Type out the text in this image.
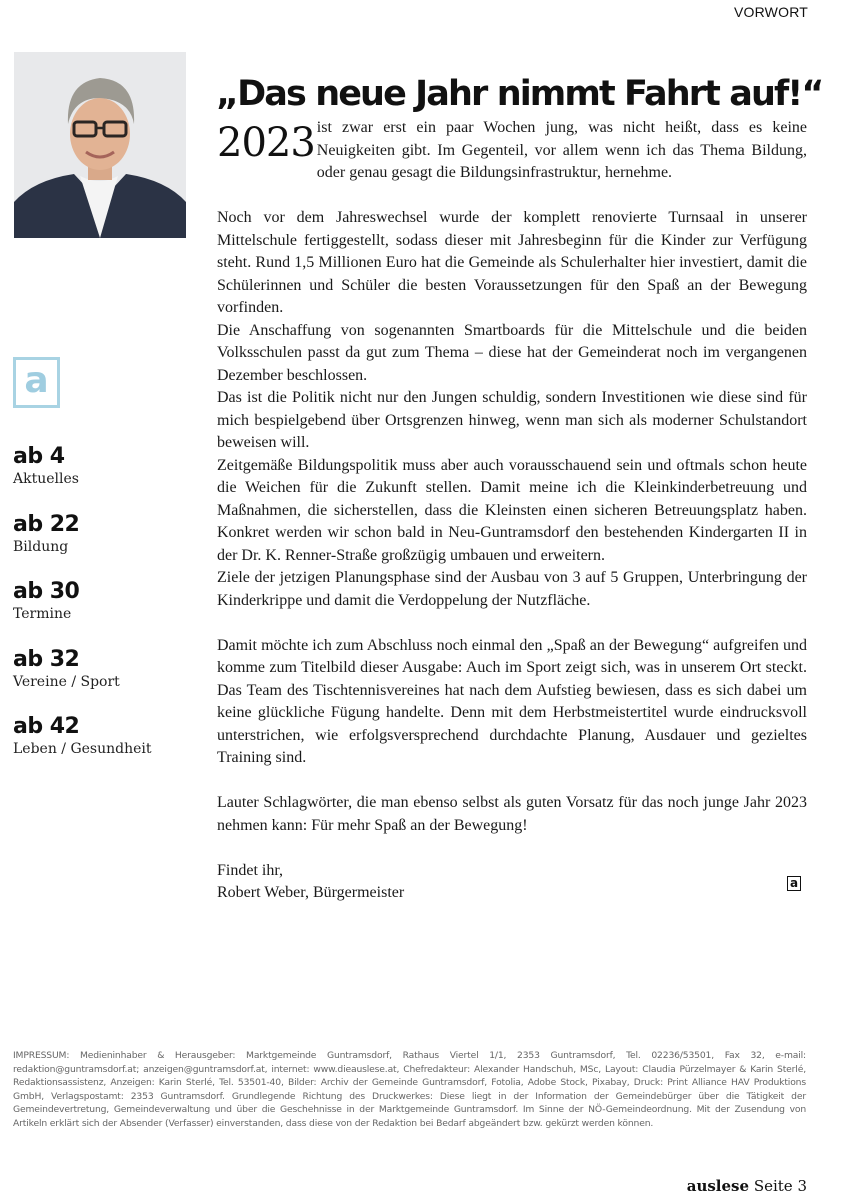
VORWORT
a
ab 4
Aktuelles
ab 22
Bildung
ab 30
Termine
ab 32
Vereine / Sport
ab 42
Leben / Gesundheit
„Das neue Jahr nimmt Fahrt auf!“

2023 ist zwar erst ein paar Wochen jung, was nicht heißt, dass es keine Neuigkeiten gibt. Im Gegenteil, vor allem wenn ich das Thema Bildung, oder genau gesagt die Bildungsinfrastruktur, hernehme.

Noch vor dem Jahreswechsel wurde der komplett renovierte Turnsaal in unserer Mittelschule fertiggestellt, sodass dieser mit Jahresbeginn für die Kinder zur Verfügung steht. Rund 1,5 Millionen Euro hat die Gemeinde als Schulerhalter hier investiert, damit die Schülerinnen und Schüler die besten Voraussetzungen für den Spaß an der Bewegung vorfinden.

Die Anschaffung von sogenannten Smartboards für die Mittelschule und die beiden Volksschulen passt da gut zum Thema – diese hat der Gemeinderat noch im vergangenen Dezember beschlossen.

Das ist die Politik nicht nur den Jungen schuldig, sondern Investitionen wie diese sind für mich bespielgebend über Ortsgrenzen hinweg, wenn man sich als moderner Schulstandort beweisen will.

Zeitgemäße Bildungspolitik muss aber auch vorausschauend sein und oftmals schon heute die Weichen für die Zukunft stellen. Damit meine ich die Kleinkinderbetreuung und Maßnahmen, die sicherstellen, dass die Kleinsten einen sicheren Betreuungsplatz haben. Konkret werden wir schon bald in Neu-Guntramsdorf den bestehenden Kindergarten II in der Dr. K. Renner-Straße großzügig umbauen und erweitern.

Ziele der jetzigen Planungsphase sind der Ausbau von 3 auf 5 Gruppen, Unterbringung der Kinderkrippe und damit die Verdoppelung der Nutzfläche.

Damit möchte ich zum Abschluss noch einmal den „Spaß an der Bewegung“ aufgreifen und komme zum Titelbild dieser Ausgabe: Auch im Sport zeigt sich, was in unserem Ort steckt. Das Team des Tischtennisvereines hat nach dem Aufstieg bewiesen, dass es sich dabei um keine glückliche Fügung handelte. Denn mit dem Herbstmeistertitel wurde eindrucksvoll unterstrichen, wie erfolgsversprechend durchdachte Planung, Ausdauer und gezieltes Training sind.

Lauter Schlagwörter, die man ebenso selbst als guten Vorsatz für das noch junge Jahr 2023 nehmen kann: Für mehr Spaß an der Bewegung!

Findet ihr,

Robert Weber, Bürgermeister

a
IMPRESSUM: Medieninhaber & Herausgeber: Marktgemeinde Guntramsdorf, Rathaus Viertel 1/1, 2353 Guntramsdorf, Tel. 02236/53501, Fax 32, e-mail: redaktion@guntramsdorf.at; anzeigen@guntramsdorf.at, internet: www.dieauslese.at, Chefredakteur: Alexander Handschuh, MSc, Layout: Claudia Pürzelmayer & Karin Sterlé, Redaktionsassistenz, Anzeigen: Karin Sterlé, Tel. 53501-40, Bilder: Archiv der Gemeinde Guntramsdorf, Fotolia, Adobe Stock, Pixabay, Druck: Print Alliance HAV Produktions GmbH, Verlagspostamt: 2353 Guntramsdorf. Grundlegende Richtung des Druckwerkes: Diese liegt in der Information der Gemeindebürger über die Tätigkeit der Gemeindevertretung, Gemeindeverwaltung und über die Geschehnisse in der Marktgemeinde Guntramsdorf. Im Sinne der NÖ-Gemeindeordnung. Mit der Zusendung von Artikeln erklärt sich der Absender (Verfasser) einverstanden, dass diese von der Redaktion bei Bedarf abgeändert bzw. gekürzt werden können.
auslese Seite 3
